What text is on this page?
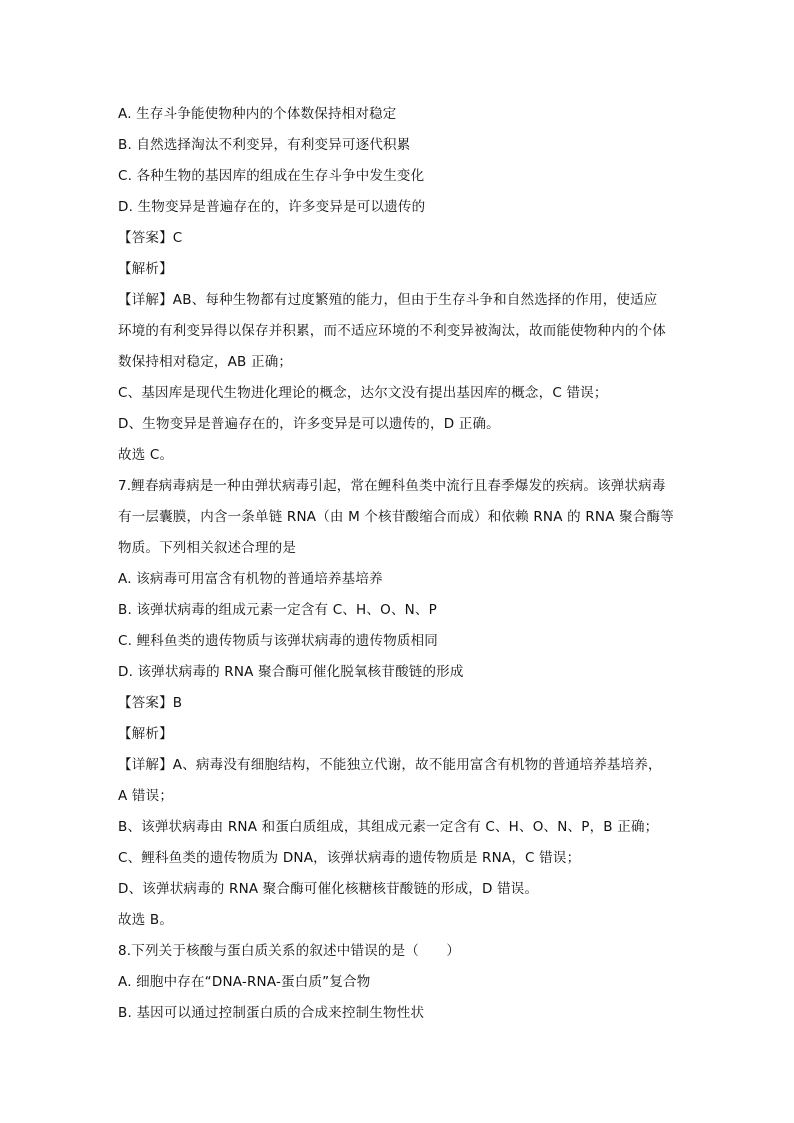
A. 生存斗争能使物种内的个体数保持相对稳定
B. 自然选择淘汰不利变异，有利变异可逐代积累
C. 各种生物的基因库的组成在生存斗争中发生变化
D. 生物变异是普遍存在的，许多变异是可以遗传的
【答案】C
【解析】
【详解】AB、每种生物都有过度繁殖的能力，但由于生存斗争和自然选择的作用，使适应
环境的有利变异得以保存并积累，而不适应环境的不利变异被淘汰，故而能使物种内的个体
数保持相对稳定，AB 正确；
C、基因库是现代生物进化理论的概念，达尔文没有提出基因库的概念，C 错误；
D、生物变异是普遍存在的，许多变异是可以遗传的，D 正确。
故选 C。
7.鲤春病毒病是一种由弹状病毒引起，常在鲤科鱼类中流行且春季爆发的疾病。该弹状病毒
有一层囊膜，内含一条单链 RNA（由 M 个核苷酸缩合而成）和依赖 RNA 的 RNA 聚合酶等
物质。下列相关叙述合理的是
A. 该病毒可用富含有机物的普通培养基培养
B. 该弹状病毒的组成元素一定含有 C、H、O、N、P
C. 鲤科鱼类的遗传物质与该弹状病毒的遗传物质相同
D. 该弹状病毒的 RNA 聚合酶可催化脱氧核苷酸链的形成
【答案】B
【解析】
【详解】A、病毒没有细胞结构，不能独立代谢，故不能用富含有机物的普通培养基培养，
A 错误；
B、该弹状病毒由 RNA 和蛋白质组成，其组成元素一定含有 C、H、O、N、P，B 正确；
C、鲤科鱼类的遗传物质为 DNA，该弹状病毒的遗传物质是 RNA，C 错误；
D、该弹状病毒的 RNA 聚合酶可催化核糖核苷酸链的形成，D 错误。
故选 B。
8.下列关于核酸与蛋白质关系的叙述中错误的是（　　）
A. 细胞中存在“DNA-RNA-蛋白质”复合物
B. 基因可以通过控制蛋白质的合成来控制生物性状
